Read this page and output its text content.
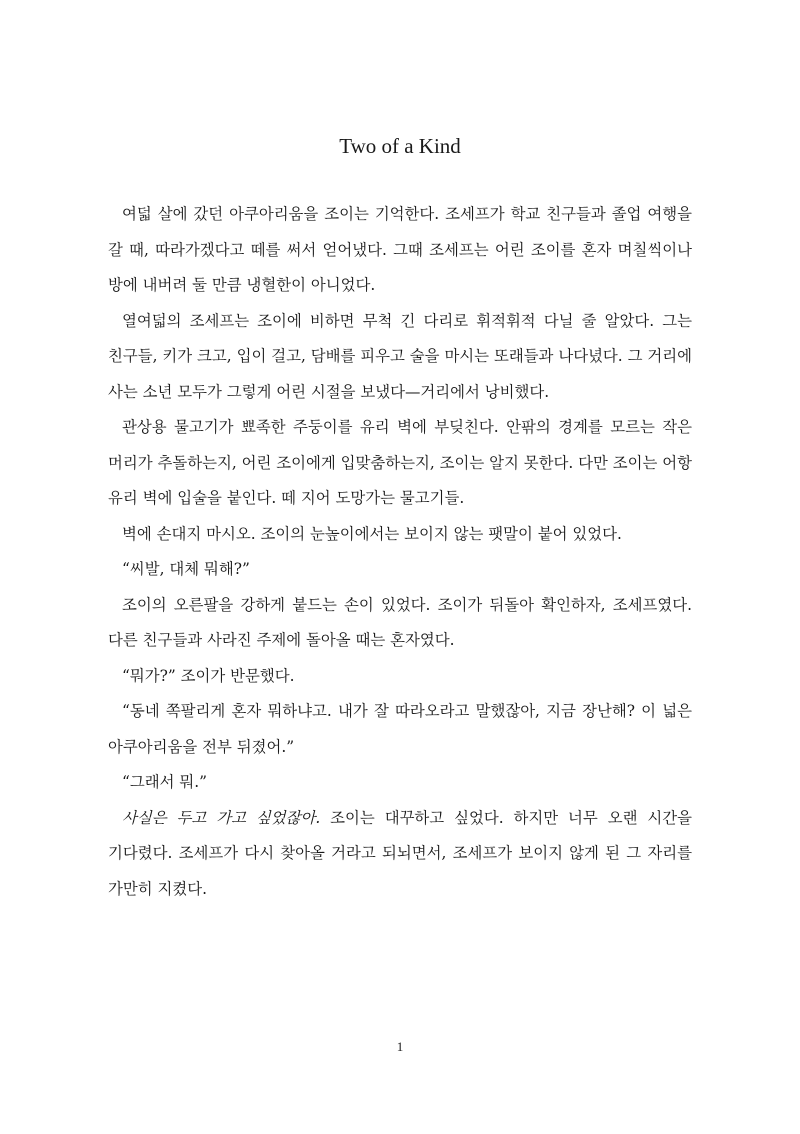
Two of a Kind

여덟 살에 갔던 아쿠아리움을 조이는 기억한다. 조세프가 학교 친구들과 졸업 여행을 갈 때, 따라가겠다고 떼를 써서 얻어냈다. 그때 조세프는 어린 조이를 혼자 며칠씩이나 방에 내버려 둘 만큼 냉혈한이 아니었다.

열여덟의 조세프는 조이에 비하면 무척 긴 다리로 휘적휘적 다닐 줄 알았다. 그는 친구들, 키가 크고, 입이 걸고, 담배를 피우고 술을 마시는 또래들과 나다녔다. 그 거리에 사는 소년 모두가 그렇게 어린 시절을 보냈다—거리에서 낭비했다.

관상용 물고기가 뾰족한 주둥이를 유리 벽에 부딪친다. 안팎의 경계를 모르는 작은 머리가 추돌하는지, 어린 조이에게 입맞춤하는지, 조이는 알지 못한다. 다만 조이는 어항 유리 벽에 입술을 붙인다. 떼 지어 도망가는 물고기들.

벽에 손대지 마시오. 조이의 눈높이에서는 보이지 않는 팻말이 붙어 있었다.

“씨발, 대체 뭐해?”

조이의 오른팔을 강하게 붙드는 손이 있었다. 조이가 뒤돌아 확인하자, 조세프였다. 다른 친구들과 사라진 주제에 돌아올 때는 혼자였다.

“뭐가?” 조이가 반문했다.

“동네 쪽팔리게 혼자 뭐하냐고. 내가 잘 따라오라고 말했잖아, 지금 장난해? 이 넓은 아쿠아리움을 전부 뒤졌어.”

“그래서 뭐.”

사실은 두고 가고 싶었잖아. 조이는 대꾸하고 싶었다. 하지만 너무 오랜 시간을 기다렸다. 조세프가 다시 찾아올 거라고 되뇌면서, 조세프가 보이지 않게 된 그 자리를 가만히 지켰다.

1
